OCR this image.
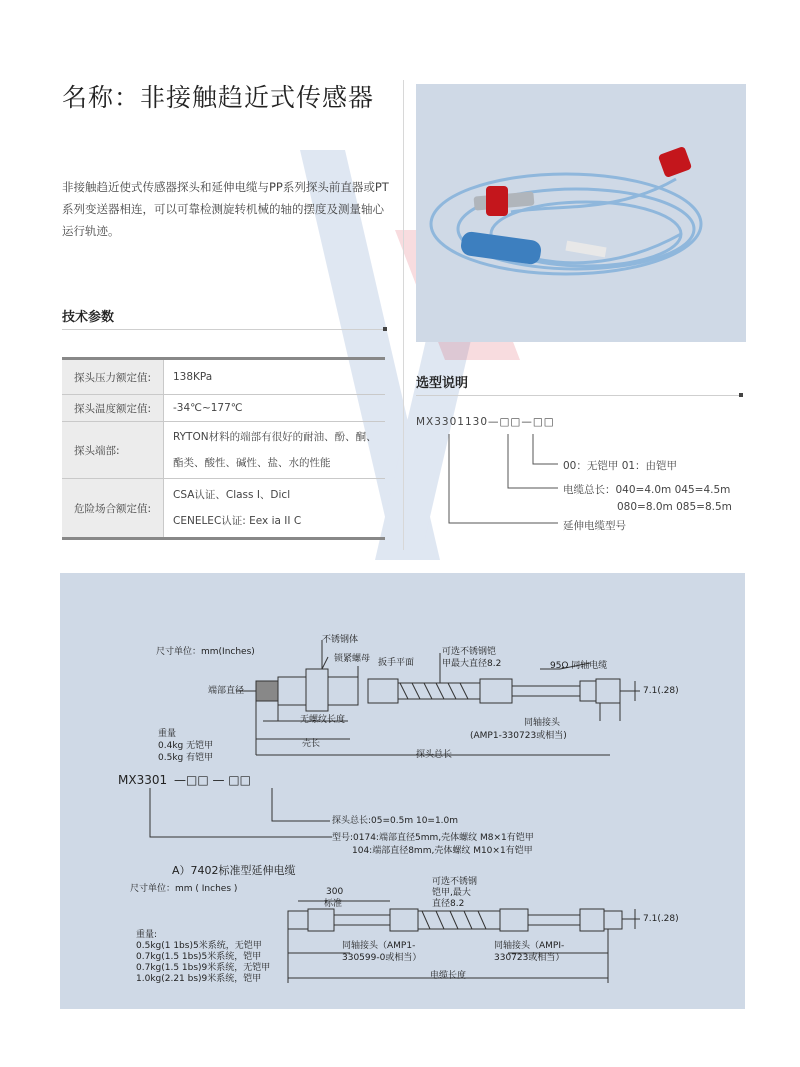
名称：非接触趋近式传感器
非接触趋近使式传感器探头和延伸电缆与PP系列探头前直器或PT系列变送器相连，可以可靠检测旋转机械的轴的摆度及测量轴心运行轨迹。
技术参数
探头压力额定值:	138KPa
探头温度额定值:	-34℃~177℃
探头端部:
RYTON材料的端部有很好的耐油、酚、酮、
酯类、酸性、碱性、盐、水的性能
危险场合额定值:
CSA认证、Class I、Dicl
CENELEC认证: Eex ia II C
选型说明
MX3301130—□□—□□
00：无铠甲 01：由铠甲
电缆总长：040=4.0m 045=4.5m
080=8.0m 085=8.5m
延伸电缆型号
尺寸单位：mm(Inches)
不锈钢体
锁紧螺母 扳手平面
可选不锈钢铠
甲最大直径8.2	95Ω 同轴电缆
端部直径	7.1(.28)
无螺纹长度
壳长
同轴接头
(AMP1-330723或相当)
探头总长
重量
0.4kg 无铠甲
0.5kg 有铠甲
MX3301 —□□ — □□
探头总长:05=0.5m 10=1.0m
型号:0174:端部直径5mm,壳体螺纹 M8×1有铠甲
104:端部直径8mm,壳体螺纹 M10×1有铠甲
A）7402标准型延伸电缆
尺寸单位：mm ( Inches )	300
标准
可选不锈钢
铠甲,最大
直径8.2
7.1(.28)
重量:
0.5kg(1 1bs)5米系统，无铠甲
0.7kg(1.5 1bs)5米系统，铠甲
0.7kg(1.5 1bs)9米系统，无铠甲
1.0kg(2.21 bs)9米系统，铠甲
同轴接头（AMP1-
330599-0或相当）
同轴接头（AMPI-
330723或相当）
电缆长度
